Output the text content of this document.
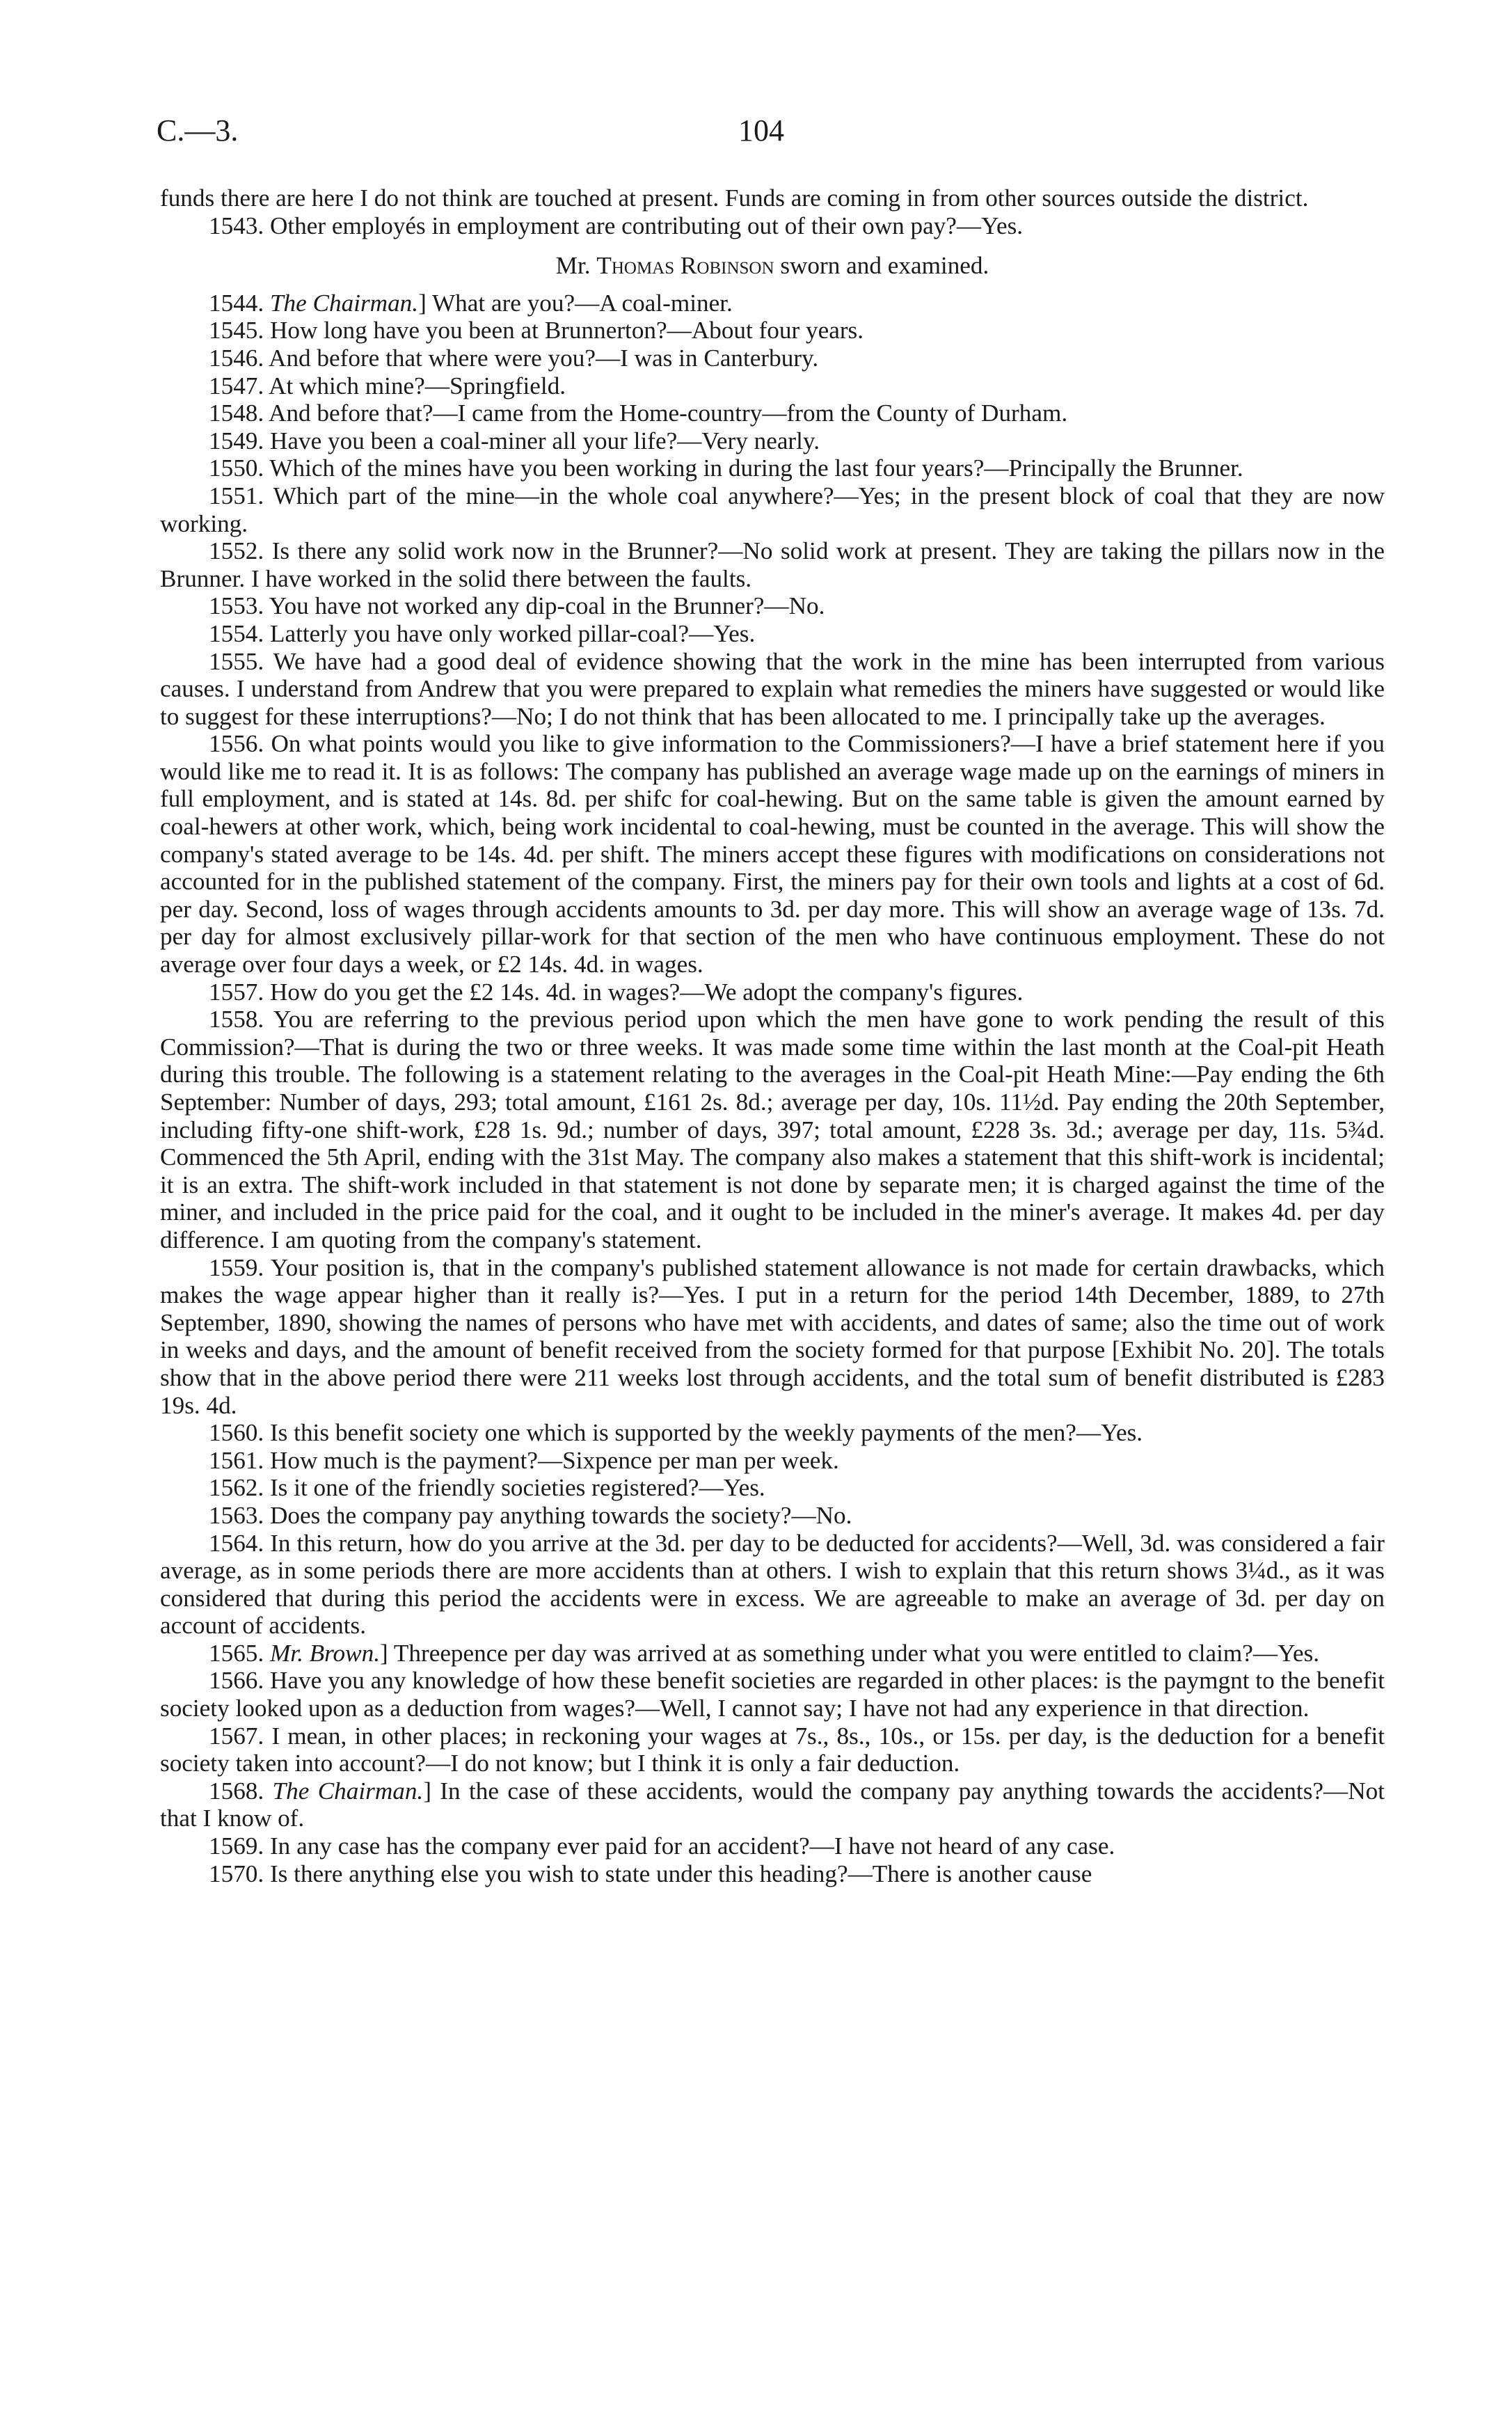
C.—3.	104

funds there are here I do not think are touched at present. Funds are coming in from other sources outside the district.

1543. Other employés in employment are contributing out of their own pay?—Yes.

Mr. Thomas Robinson sworn and examined.

1544. The Chairman.] What are you?—A coal-miner.

1545. How long have you been at Brunnerton?—About four years.

1546. And before that where were you?—I was in Canterbury.

1547. At which mine?—Springfield.

1548. And before that?—I came from the Home-country—from the County of Durham.

1549. Have you been a coal-miner all your life?—Very nearly.

1550. Which of the mines have you been working in during the last four years?—Principally the Brunner.

1551. Which part of the mine—in the whole coal anywhere?—Yes; in the present block of coal that they are now working.

1552. Is there any solid work now in the Brunner?—No solid work at present. They are taking the pillars now in the Brunner. I have worked in the solid there between the faults.

1553. You have not worked any dip-coal in the Brunner?—No.

1554. Latterly you have only worked pillar-coal?—Yes.

1555. We have had a good deal of evidence showing that the work in the mine has been interrupted from various causes. I understand from Andrew that you were prepared to explain what remedies the miners have suggested or would like to suggest for these interruptions?—No; I do not think that has been allocated to me. I principally take up the averages.

1556. On what points would you like to give information to the Commissioners?—I have a brief statement here if you would like me to read it. It is as follows: The company has published an average wage made up on the earnings of miners in full employment, and is stated at 14s. 8d. per shifc for coal-hewing. But on the same table is given the amount earned by coal-hewers at other work, which, being work incidental to coal-hewing, must be counted in the average. This will show the company's stated average to be 14s. 4d. per shift. The miners accept these figures with modifications on considerations not accounted for in the published statement of the company. First, the miners pay for their own tools and lights at a cost of 6d. per day. Second, loss of wages through accidents amounts to 3d. per day more. This will show an average wage of 13s. 7d. per day for almost exclusively pillar-work for that section of the men who have continuous employment. These do not average over four days a week, or £2 14s. 4d. in wages.

1557. How do you get the £2 14s. 4d. in wages?—We adopt the company's figures.

1558. You are referring to the previous period upon which the men have gone to work pending the result of this Commission?—That is during the two or three weeks. It was made some time within the last month at the Coal-pit Heath during this trouble. The following is a statement relating to the averages in the Coal-pit Heath Mine:—Pay ending the 6th September: Number of days, 293; total amount, £161 2s. 8d.; average per day, 10s. 11½d. Pay ending the 20th September, including fifty-one shift-work, £28 1s. 9d.; number of days, 397; total amount, £228 3s. 3d.; average per day, 11s. 5¾d. Commenced the 5th April, ending with the 31st May. The company also makes a statement that this shift-work is incidental; it is an extra. The shift-work included in that statement is not done by separate men; it is charged against the time of the miner, and included in the price paid for the coal, and it ought to be included in the miner's average. It makes 4d. per day difference. I am quoting from the company's statement.

1559. Your position is, that in the company's published statement allowance is not made for certain drawbacks, which makes the wage appear higher than it really is?—Yes. I put in a return for the period 14th December, 1889, to 27th September, 1890, showing the names of persons who have met with accidents, and dates of same; also the time out of work in weeks and days, and the amount of benefit received from the society formed for that purpose [Exhibit No. 20]. The totals show that in the above period there were 211 weeks lost through accidents, and the total sum of benefit distributed is £283 19s. 4d.

1560. Is this benefit society one which is supported by the weekly payments of the men?—Yes.

1561. How much is the payment?—Sixpence per man per week.

1562. Is it one of the friendly societies registered?—Yes.

1563. Does the company pay anything towards the society?—No.

1564. In this return, how do you arrive at the 3d. per day to be deducted for accidents?—Well, 3d. was considered a fair average, as in some periods there are more accidents than at others. I wish to explain that this return shows 3¼d., as it was considered that during this period the accidents were in excess. We are agreeable to make an average of 3d. per day on account of accidents.

1565. Mr. Brown.] Threepence per day was arrived at as something under what you were entitled to claim?—Yes.

1566. Have you any knowledge of how these benefit societies are regarded in other places: is the paymgnt to the benefit society looked upon as a deduction from wages?—Well, I cannot say; I have not had any experience in that direction.

1567. I mean, in other places; in reckoning your wages at 7s., 8s., 10s., or 15s. per day, is the deduction for a benefit society taken into account?—I do not know; but I think it is only a fair deduction.

1568. The Chairman.] In the case of these accidents, would the company pay anything towards the accidents?—Not that I know of.

1569. In any case has the company ever paid for an accident?—I have not heard of any case.

1570. Is there anything else you wish to state under this heading?—There is another cause
